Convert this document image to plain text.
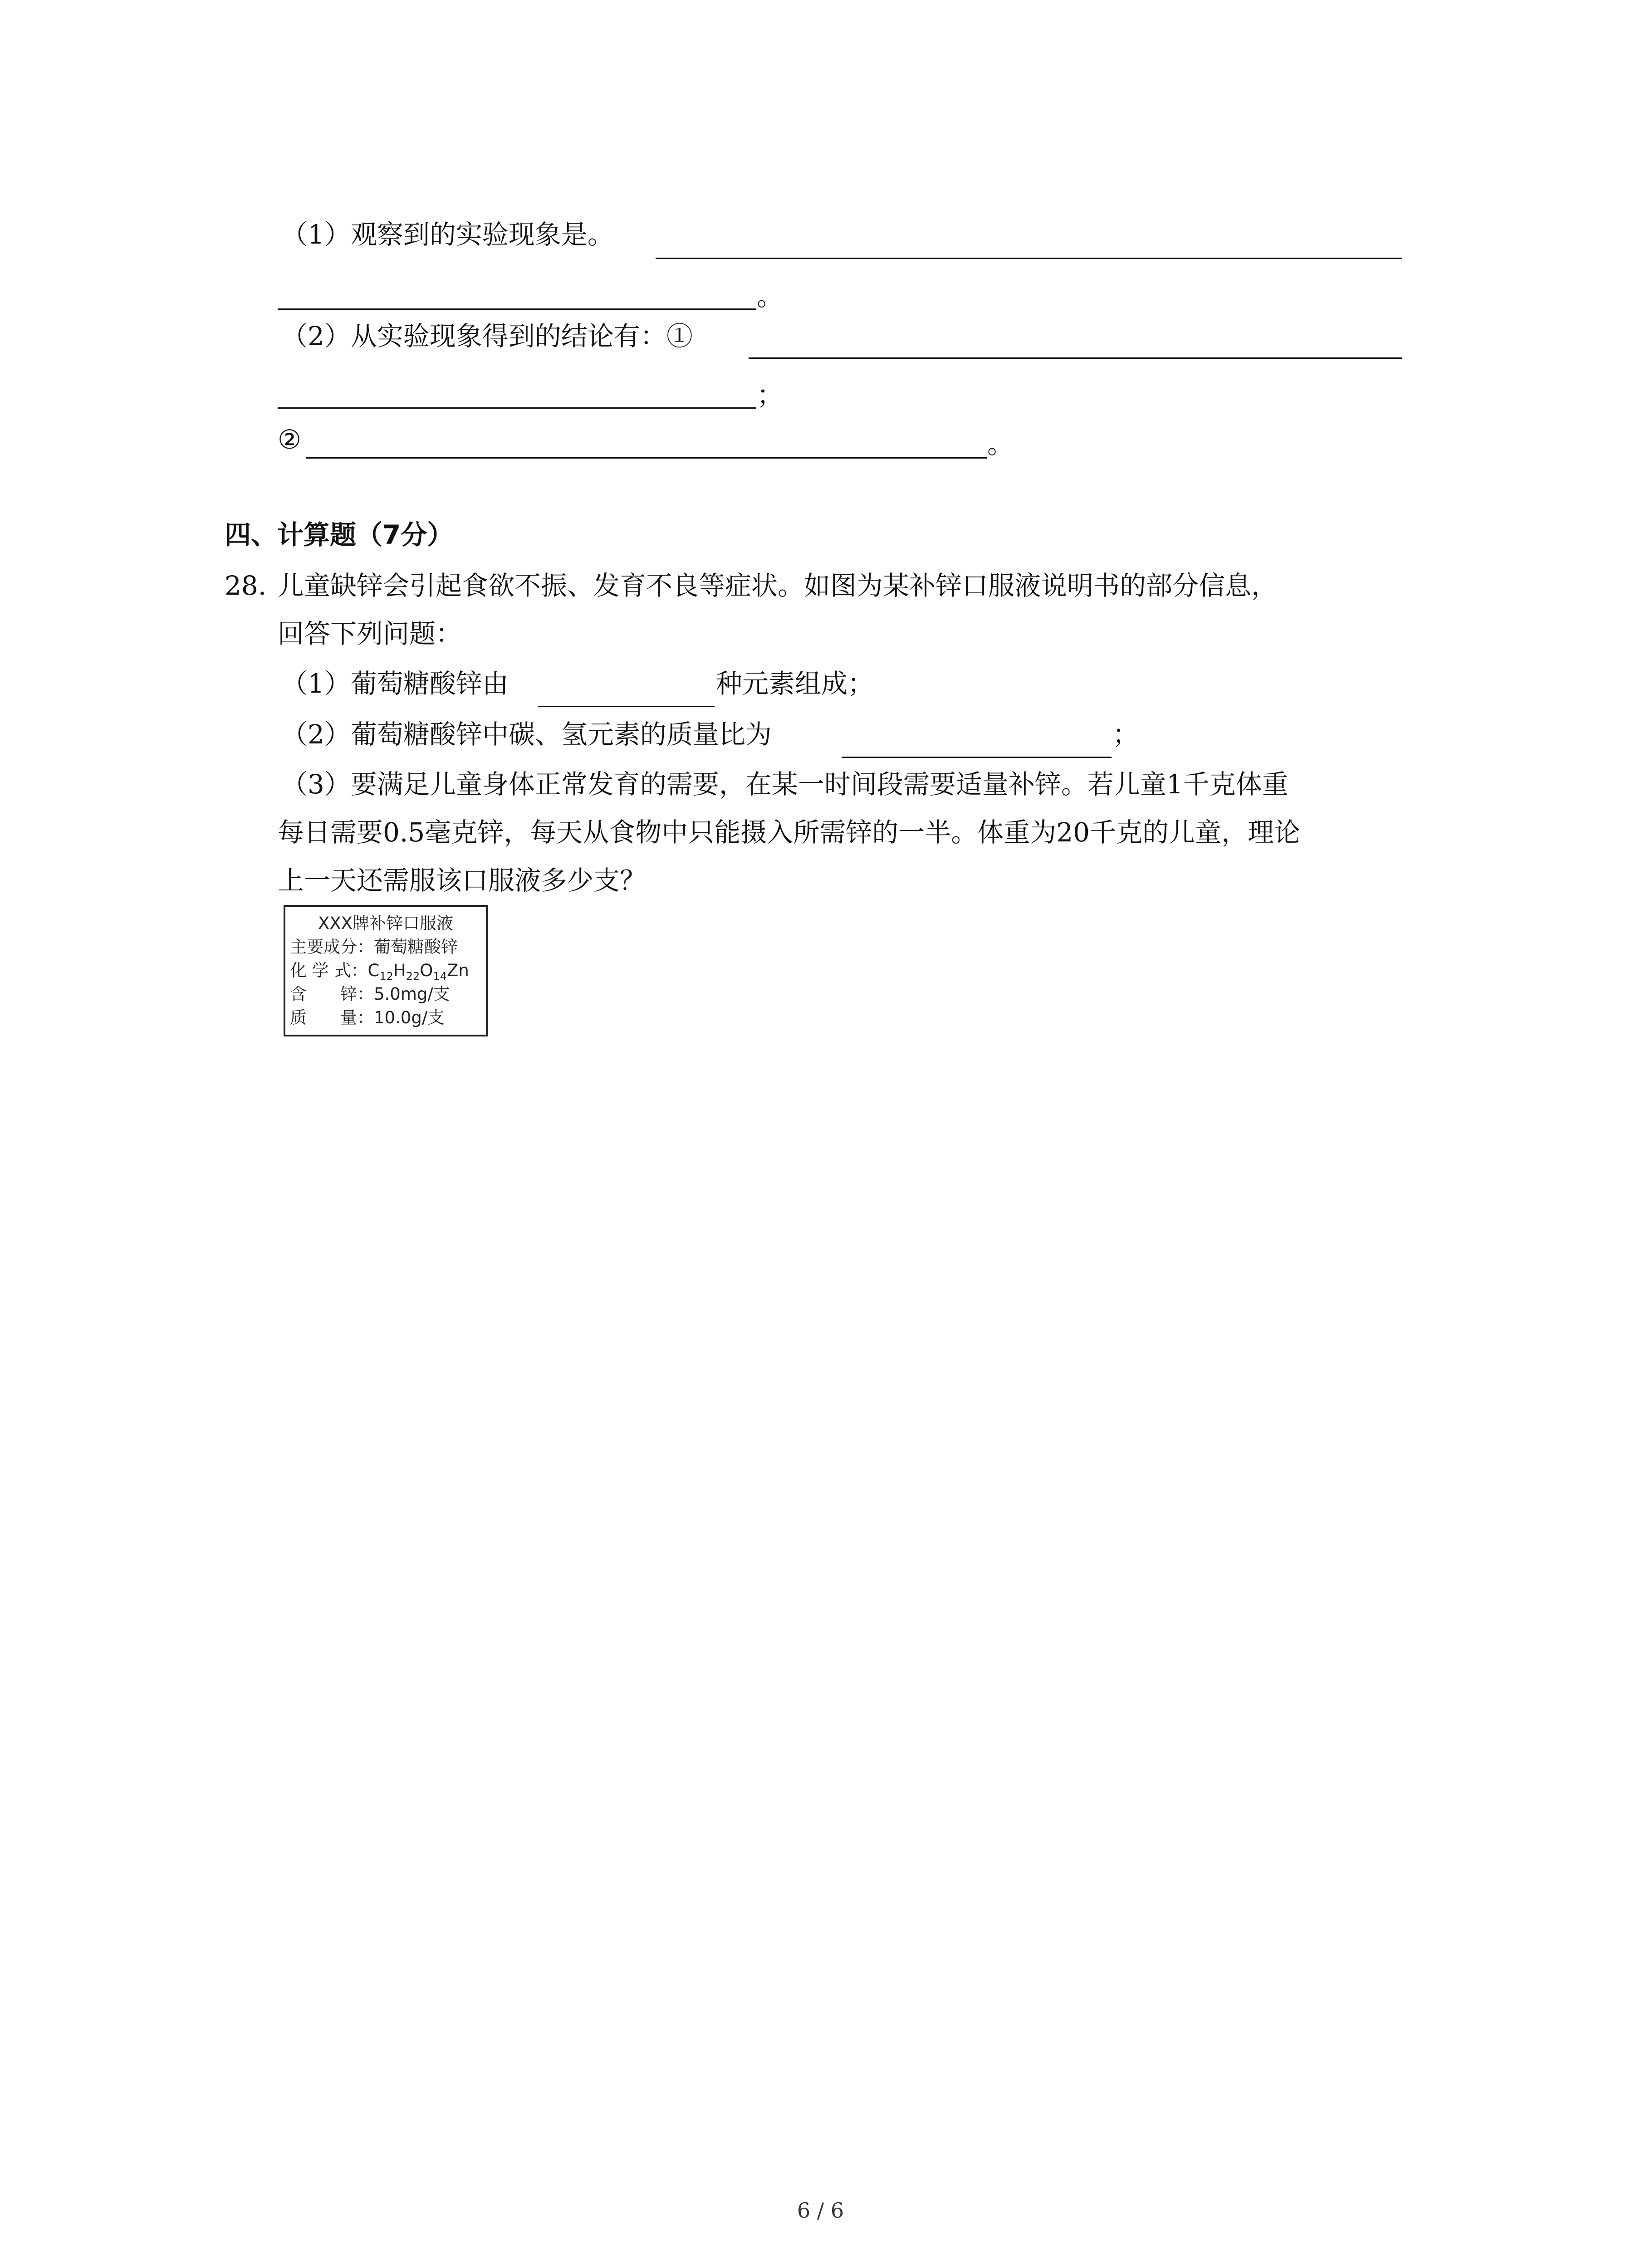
（1）观察到的实验现象是。
。
（2）从实验现象得到的结论有：①
；
②	。
四、计算题（7分）
28. 儿童缺锌会引起食欲不振、发育不良等症状。如图为某补锌口服液说明书的部分信息，
回答下列问题：
（1）葡萄糖酸锌由	种元素组成；
（2）葡萄糖酸锌中碳、氢元素的质量比为	；
（3）要满足儿童身体正常发育的需要，在某一时间段需要适量补锌。若儿童1千克体重
每日需要0.5毫克锌，每天从食物中只能摄入所需锌的一半。体重为20千克的儿童，理论
上一天还需服该口服液多少支？
XXX牌补锌口服液
主要成分：葡萄糖酸锌
化 学 式：$C_{12}H_{22}O_{14}Zn$
含　　锌：5.0mg/支
质　　量：10.0g/支
6 / 6
